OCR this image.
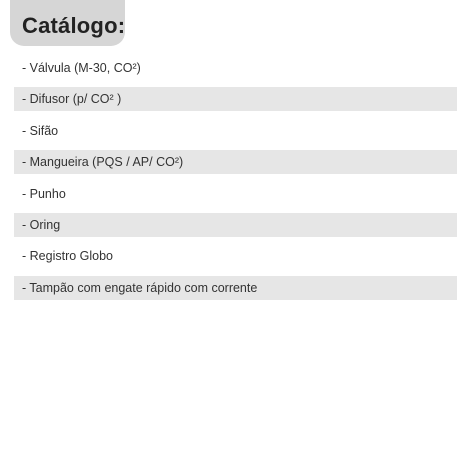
Catálogo:
- Válvula (M-30, CO²)
- Difusor (p/ CO² )
- Sifão
- Mangueira (PQS / AP/ CO²)
- Punho
- Oring
- Registro Globo
- Tampão com engate rápido com corrente
